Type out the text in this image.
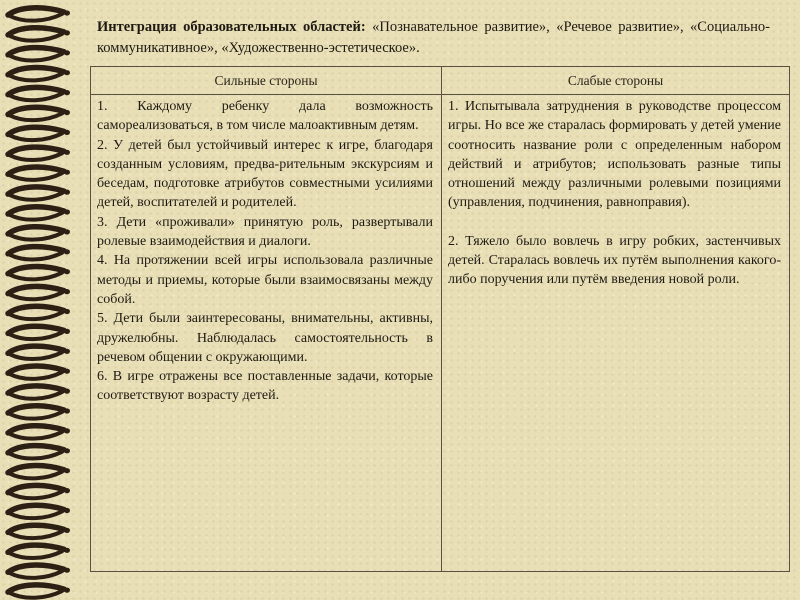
Интеграция образовательных областей: «Познавательное развитие», «Речевое развитие», «Социально-коммуникативное», «Художественно-эстетическое».
Сильные стороны	Слабые стороны

1. Каждому ребенку дала возможность самореализоваться, в том числе малоактивным детям.

2. У детей был устойчивый интерес к игре, благодаря созданным условиям, предва-рительным экскурсиям и беседам, подготовке атрибутов совместными усилиями детей, воспитателей и родителей.

3. Дети «проживали» принятую роль, развертывали ролевые взаимодействия и диалоги.

4. На протяжении всей игры использовала различные методы и приемы, которые были взаимосвязаны между собой.

5. Дети были заинтересованы, внимательны, активны, дружелюбны. Наблюдалась самостоятельность в речевом общении с окружающими.

6. В игре отражены все поставленные задачи, которые соответствуют возрасту детей.

1. Испытывала затруднения в руководстве процессом игры. Но все же старалась формировать у детей умение соотносить название роли с определенным набором действий и атрибутов; использовать разные типы отношений между различными ролевыми позициями (управления, подчинения, равноправия).

2. Тяжело было вовлечь в игру робких, застенчивых детей. Старалась вовлечь их путём выполнения какого-либо поручения или путём введения новой роли.
